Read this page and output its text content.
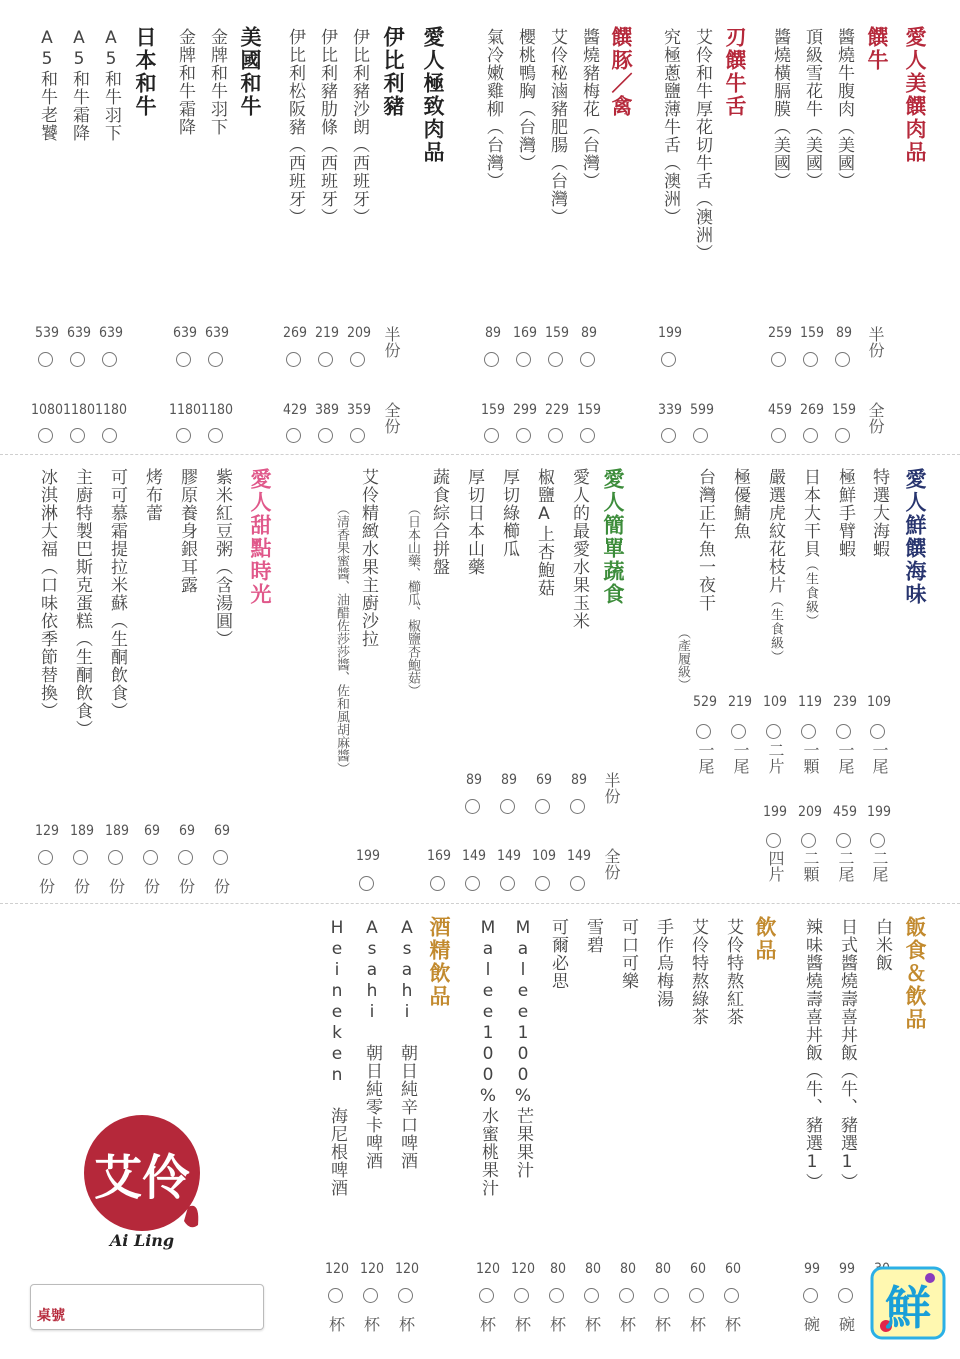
愛人美饌肉品
饌牛
醬燒牛腹肉（美國）
頂級雪花牛（美國）
醬燒橫膈膜（美國）
刃饌牛舌
艾伶和牛厚花切牛舌（澳洲）
究極蔥鹽薄牛舌（澳洲）
饌豚／禽
醬燒豬梅花（台灣）
艾伶秘滷豬肥腸（台灣）
櫻桃鴨胸（台灣）
氣冷嫩雞柳（台灣）
愛人極致肉品
伊比利豬
伊比利豬沙朗（西班牙）
伊比利豬肋條（西班牙）
伊比利松阪豬（西班牙）
美國和牛
金牌和牛羽下
金牌和牛霜降
日本和牛
A5和牛羽下
A5和牛霜降
A5和牛老饕
半份
全份
半份
全份
89
159
259
199
89
159
169
89
209
219
269
639
639
639
639
539
159
269
459
599
339
159
229
299
159
359
389
429
1180
1180
1180
1180
1080
愛人鮮饌海味
特選大海蝦
極鮮手臂蝦
日本大干貝（生食級）
嚴選虎紋花枝片（生食級）
極優鯖魚
台灣正午魚一夜干
（產履級）
109
239
119
109
219
529
一尾
一尾
一顆
二片
一尾
一尾
199
459
209
199
二尾
二尾
二顆
四片
愛人簡單蔬食
愛人的最愛水果玉米
椒鹽A上杏鮑菇
厚切綠櫛瓜
厚切日本山藥
蔬食綜合拼盤
（日本山藥、櫛瓜、椒鹽杏鮑菇）
艾伶精緻水果主廚沙拉
（清香果蜜醬、油醋佐莎莎醬、佐和風胡麻醬）
半份
全份
89
69
89
89
149
109
149
149
169
199
愛人甜點時光
紫米紅豆粥（含湯圓）
膠原養身銀耳露
烤布蕾
可可慕霜提拉米蘇（生酮飲食）
主廚特製巴斯克蛋糕（生酮飲食）
冰淇淋大福（口味依季節替換）
69
69
69
189
189
129
份
份
份
份
份
份
飯食＆飲品
白米飯
日式醬燒壽喜丼飯（牛、豬選1）
辣味醬燒壽喜丼飯（牛、豬選1）
飲品
艾伶特熬紅茶
艾伶特熬綠茶
手作烏梅湯
可口可樂
雪碧
可爾必思
Malee100%芒果果汁
Malee100%水蜜桃果汁
酒精飲品
Asahi 朝日純辛口啤酒
Asahi 朝日純零卡啤酒
Heineken 海尼根啤酒
99
99
60
60
80
80
80
80
120
120
120
120
120
碗
碗
杯
杯
杯
杯
杯
杯
杯
杯
杯
杯
杯	鮮
艾伶
Ai Ling
桌號
